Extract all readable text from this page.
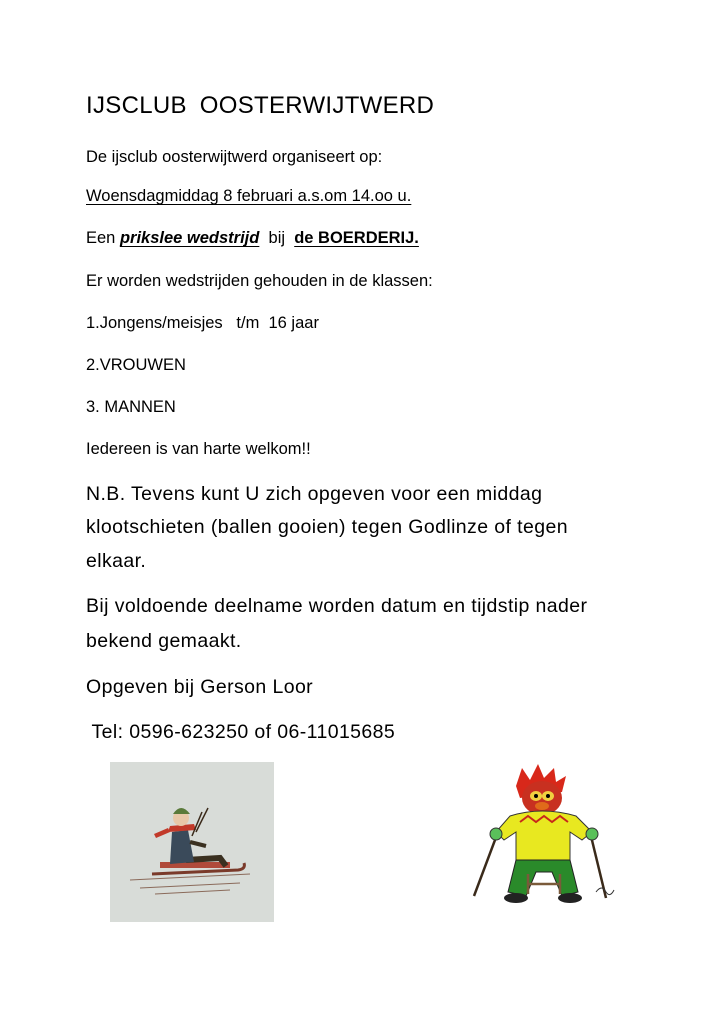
IJSCLUB OOSTERWIJTWERD
De ijsclub oosterwijtwerd organiseert op:
Woensdagmiddag 8 februari a.s.om 14.oo u.
Een prikslee wedstrijd  bij  de BOERDERIJ.
Er worden wedstrijden gehouden in de klassen:
1.Jongens/meisjes   t/m  16 jaar
2.VROUWEN
3. MANNEN
Iedereen is van harte welkom!!
N.B. Tevens kunt U zich opgeven voor een middag
klootschieten (ballen gooien) tegen Godlinze of tegen
elkaar.
Bij voldoende deelname worden datum en tijdstip nader
bekend gemaakt.
Opgeven bij Gerson Loor
Tel: 0596-623250 of 06-11015685
